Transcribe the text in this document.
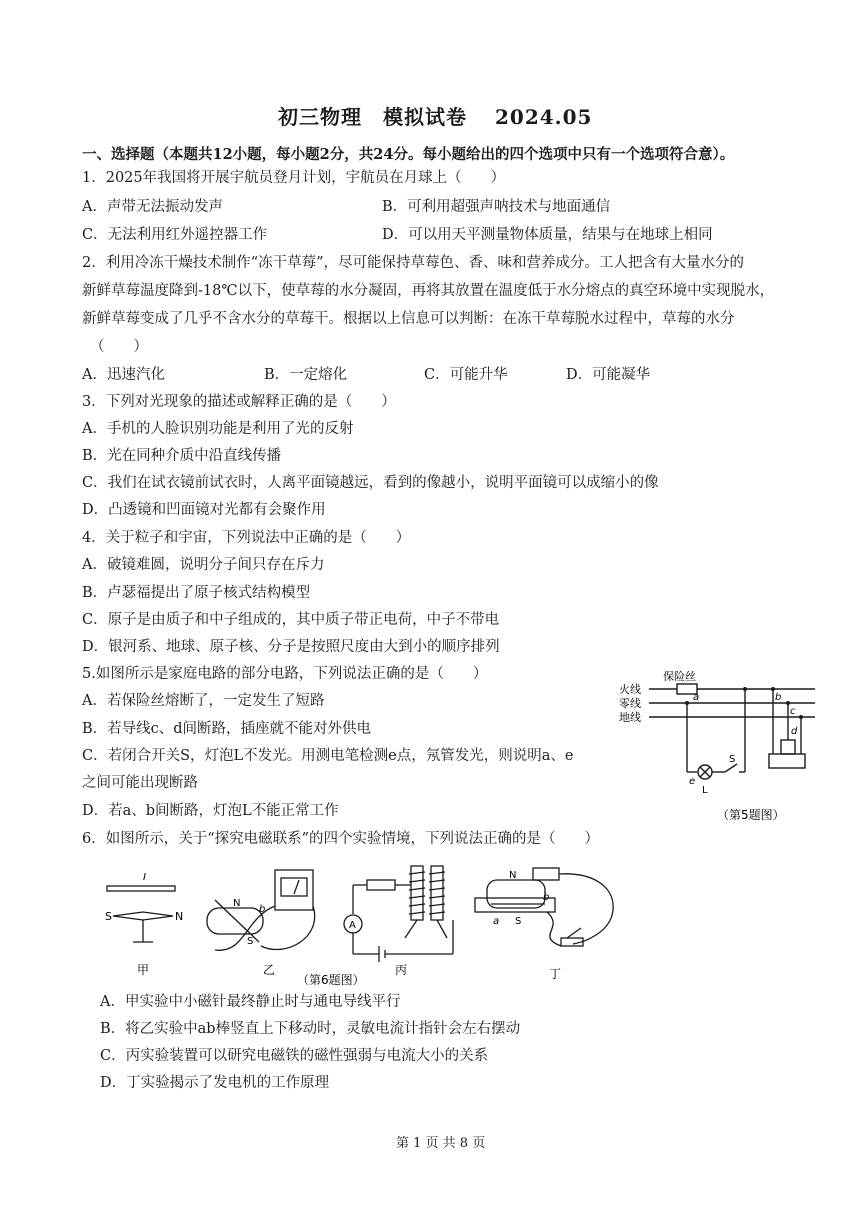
初三物理　模拟试卷 2024.05
一、选择题（本题共12小题，每小题2分，共24分。每小题给出的四个选项中只有一个选项符合意）。
1．2025年我国将开展宇航员登月计划，宇航员在月球上（　　）
A．声带无法振动发声	B．可利用超强声呐技术与地面通信
C．无法利用红外遥控器工作	D．可以用天平测量物体质量，结果与在地球上相同
2．利用冷冻干燥技术制作“冻干草莓”，尽可能保持草莓色、香、味和营养成分。工人把含有大量水分的
新鲜草莓温度降到-18℃以下，使草莓的水分凝固，再将其放置在温度低于水分熔点的真空环境中实现脱水，
新鲜草莓变成了几乎不含水分的草莓干。根据以上信息可以判断：在冻干草莓脱水过程中，草莓的水分
（　　）
A．迅速汽化	B．一定熔化	C．可能升华	D．可能凝华
3．下列对光现象的描述或解释正确的是（　　）
A．手机的人脸识别功能是利用了光的反射
B．光在同种介质中沿直线传播
C．我们在试衣镜前试衣时，人离平面镜越远，看到的像越小，说明平面镜可以成缩小的像
D．凸透镜和凹面镜对光都有会聚作用
4．关于粒子和宇宙，下列说法中正确的是（　　）
A．破镜难圆，说明分子间只存在斥力
B．卢瑟福提出了原子核式结构模型
C．原子是由质子和中子组成的，其中质子带正电荷，中子不带电
D．银河系、地球、原子核、分子是按照尺度由大到小的顺序排列
5.如图所示是家庭电路的部分电路，下列说法正确的是（　　）
A．若保险丝熔断了，一定发生了短路
B．若导线c、d间断路，插座就不能对外供电
C．若闭合开关S，灯泡L不发光。用测电笔检测e点，氖管发光，则说明a、e
之间可能出现断路
D．若a、b间断路，灯泡L不能正常工作
保险丝
火线
零线
地线
a	b
c
d
e
L
S
（第5题图）
6．如图所示，关于“探究电磁联系”的四个实验情境，下列说法正确的是（　　）
I
S	N
N
b
S
A
N
b
a S
甲	乙	丙	丁
（第6题图）
A．甲实验中小磁针最终静止时与通电导线平行
B．将乙实验中ab棒竖直上下移动时，灵敏电流计指针会左右摆动
C．丙实验装置可以研究电磁铁的磁性强弱与电流大小的关系
D．丁实验揭示了发电机的工作原理
第 1 页 共 8 页
